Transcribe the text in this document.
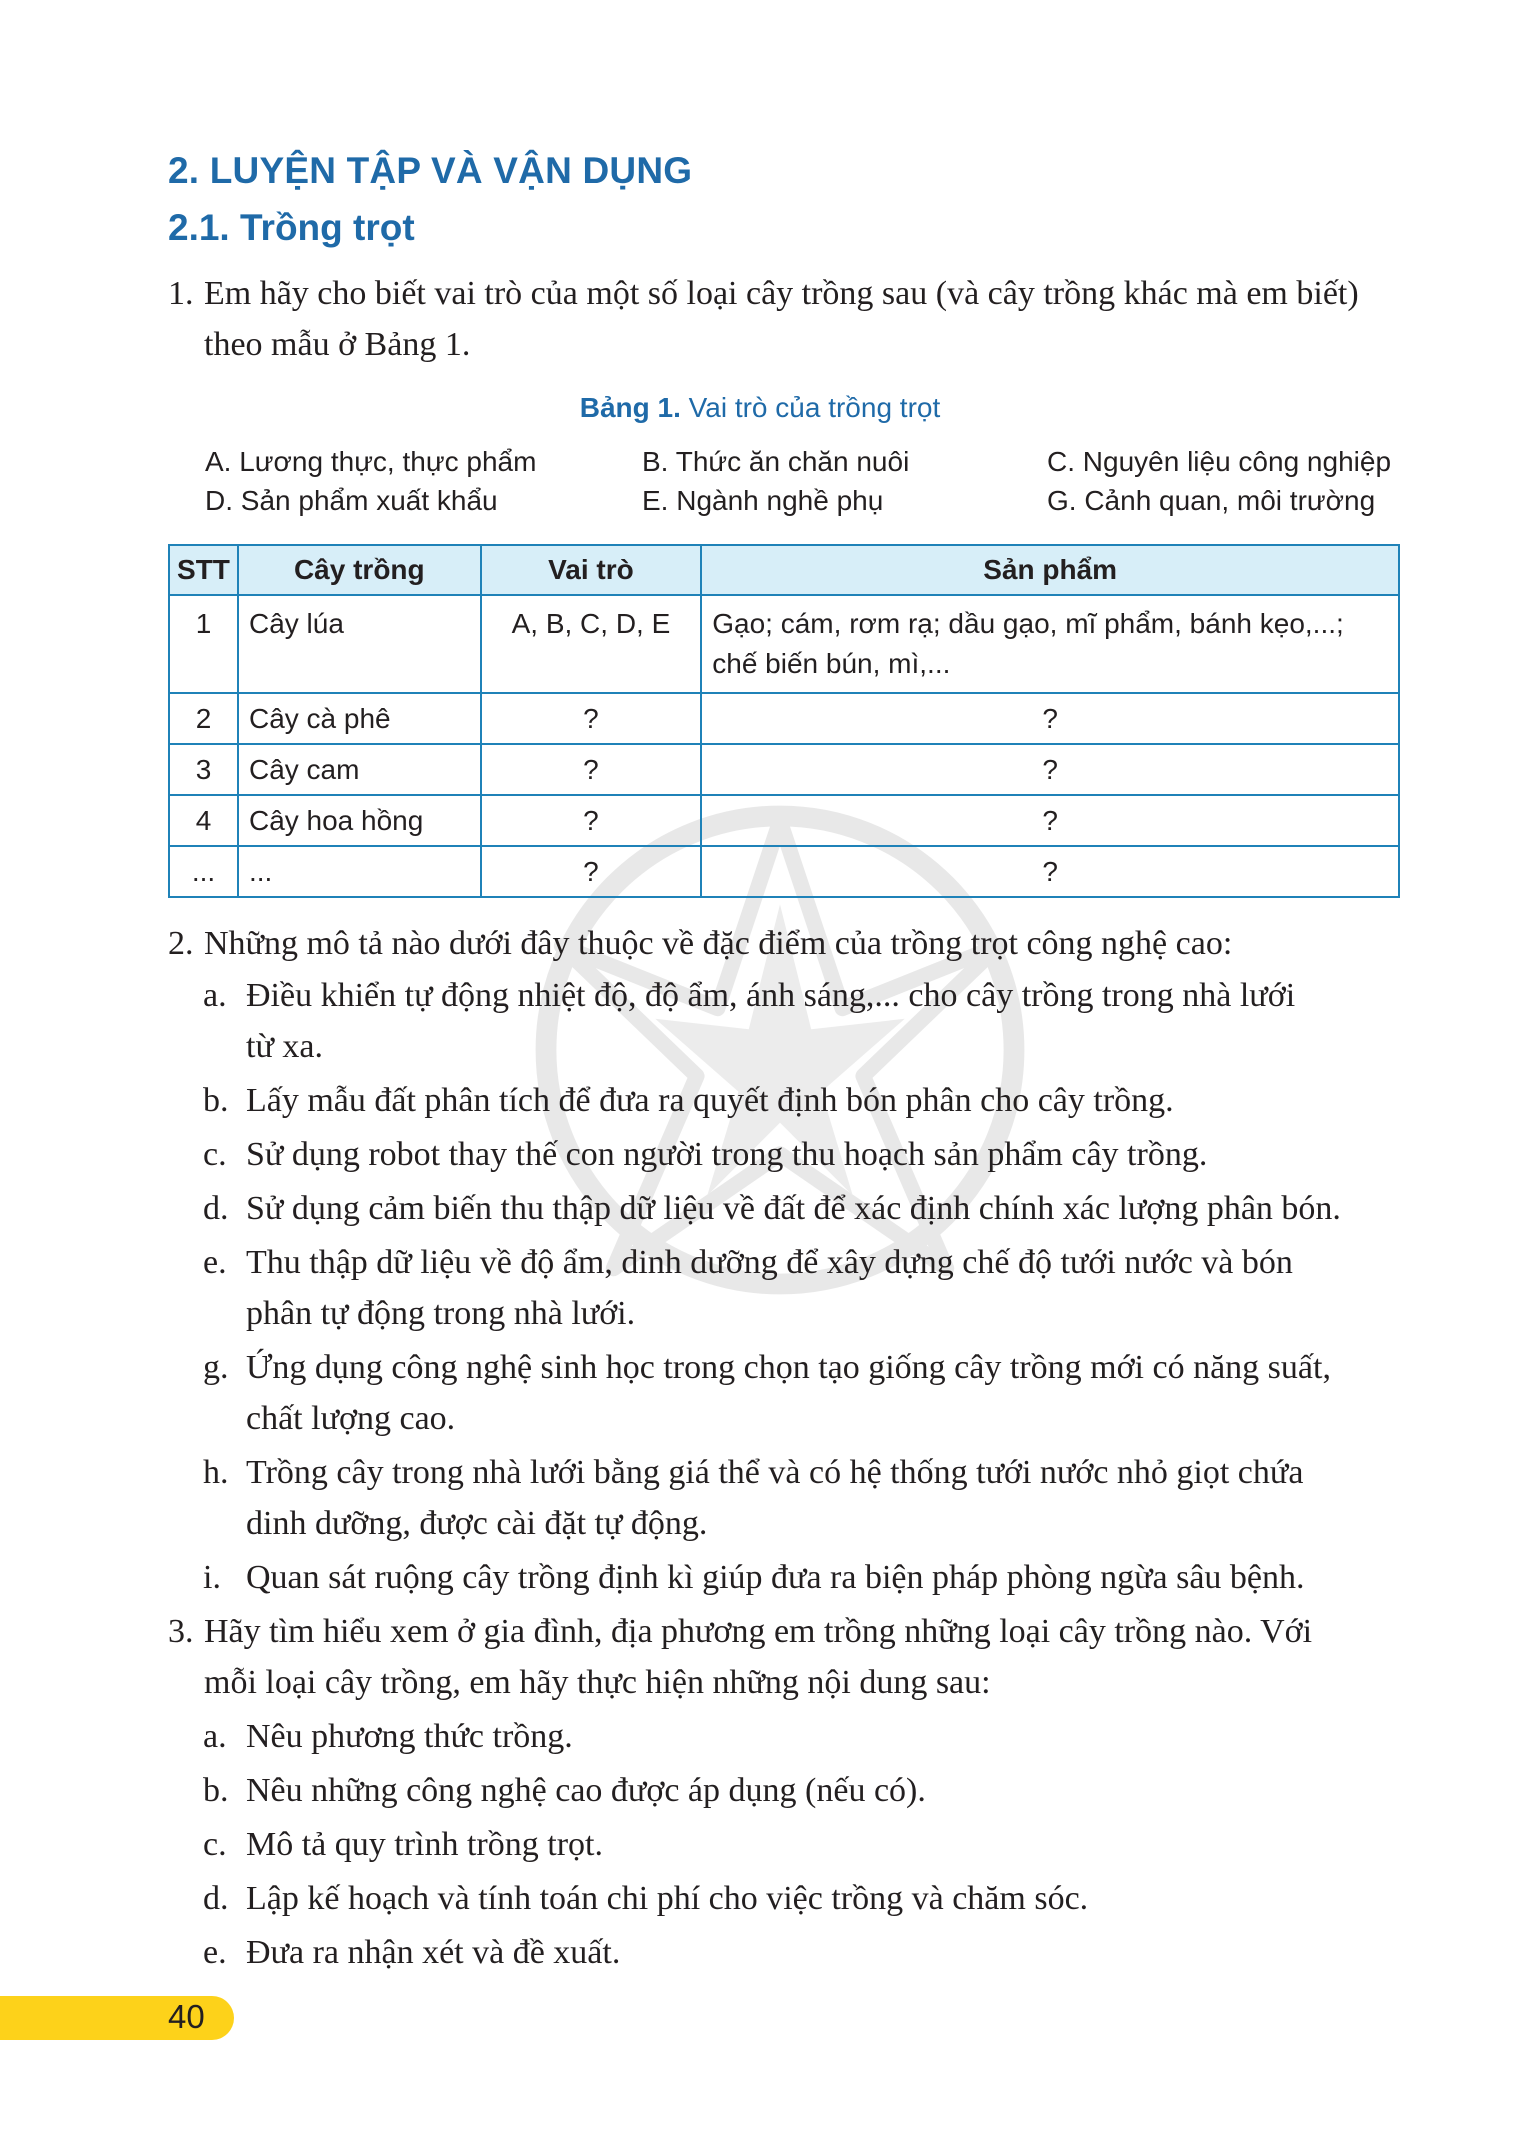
2. LUYỆN TẬP VÀ VẬN DỤNG
2.1. Trồng trọt
1. Em hãy cho biết vai trò của một số loại cây trồng sau (và cây trồng khác mà em biết)
theo mẫu ở Bảng 1.
Bảng 1. Vai trò của trồng trọt
A. Lương thực, thực phẩm	B. Thức ăn chăn nuôi	C. Nguyên liệu công nghiệp
D. Sản phẩm xuất khẩu	E. Ngành nghề phụ	G. Cảnh quan, môi trường
STT	Cây trồng	Vai trò	Sản phẩm
1	Cây lúa	A, B, C, D, E	Gạo; cám, rơm rạ; dầu gạo, mĩ phẩm, bánh kẹo,...;
chế biến bún, mì,...
2	Cây cà phê	?	?
3	Cây cam	?	?
4	Cây hoa hồng	?	?
...	...	?	?
2. Những mô tả nào dưới đây thuộc về đặc điểm của trồng trọt công nghệ cao:
a. Điều khiển tự động nhiệt độ, độ ẩm, ánh sáng,... cho cây trồng trong nhà lưới
từ xa.
b. Lấy mẫu đất phân tích để đưa ra quyết định bón phân cho cây trồng.
c. Sử dụng robot thay thế con người trong thu hoạch sản phẩm cây trồng.
d. Sử dụng cảm biến thu thập dữ liệu về đất để xác định chính xác lượng phân bón.
e. Thu thập dữ liệu về độ ẩm, dinh dưỡng để xây dựng chế độ tưới nước và bón
phân tự động trong nhà lưới.
g. Ứng dụng công nghệ sinh học trong chọn tạo giống cây trồng mới có năng suất,
chất lượng cao.
h. Trồng cây trong nhà lưới bằng giá thể và có hệ thống tưới nước nhỏ giọt chứa
dinh dưỡng, được cài đặt tự động.
i. Quan sát ruộng cây trồng định kì giúp đưa ra biện pháp phòng ngừa sâu bệnh.
3. Hãy tìm hiểu xem ở gia đình, địa phương em trồng những loại cây trồng nào. Với
mỗi loại cây trồng, em hãy thực hiện những nội dung sau:
a. Nêu phương thức trồng.
b. Nêu những công nghệ cao được áp dụng (nếu có).
c. Mô tả quy trình trồng trọt.
d. Lập kế hoạch và tính toán chi phí cho việc trồng và chăm sóc.
e. Đưa ra nhận xét và đề xuất.
40
